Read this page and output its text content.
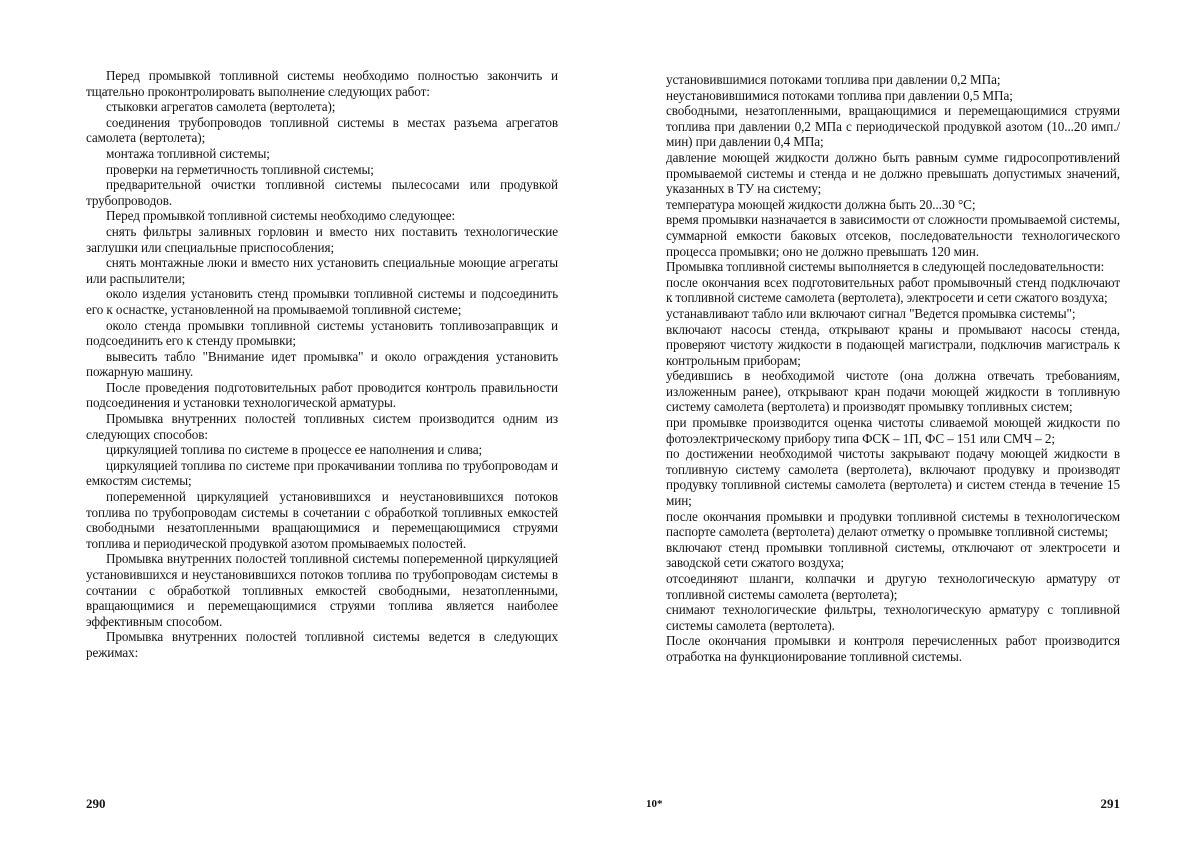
Перед промывкой топливной системы необходимо полностью закончить и тщательно проконтролировать выполнение следующих работ:

стыковки агрегатов самолета (вертолета);

соединения трубопроводов топливной системы в местах разъема агрегатов самолета (вертолета);

монтажа топливной системы;

проверки на герметичность топливной системы;

предварительной очистки топливной системы пылесосами или продувкой трубопроводов.

Перед промывкой топливной системы необходимо следующее:

снять фильтры заливных горловин и вместо них поставить технологические заглушки или специальные приспособления;

снять монтажные люки и вместо них установить специальные моющие агрегаты или распылители;

около изделия установить стенд промывки топливной системы и подсоединить его к оснастке, установленной на промываемой топливной системе;

около стенда промывки топливной системы установить топливозаправщик и подсоединить его к стенду промывки;

вывесить табло "Внимание идет промывка" и около ограждения установить пожарную машину.

После проведения подготовительных работ проводится контроль правильности подсоединения и установки технологической арматуры.

Промывка внутренних полостей топливных систем производится одним из следующих способов:

циркуляцией топлива по системе в процессе ее наполнения и слива;

циркуляцией топлива по системе при прокачивании топлива по трубопроводам и емкостям системы;

попеременной циркуляцией установившихся и неустановившихся потоков топлива по трубопроводам системы в сочетании с обработкой топливных емкостей свободными незатопленными вращающимися и перемещающимися струями топлива и периодической продувкой азотом промываемых полостей.

Промывка внутренних полостей топливной системы попеременной циркуляцией установившихся и неустановившихся потоков топлива по трубопроводам системы в сочтании с обработкой топливных емкостей свободными, незатопленными, вращающимися и перемещающимися струями топлива является наиболее эффективным способом.

Промывка внутренних полостей топливной системы ведется в следующих режимах:

290

установившимися потоками топлива при давлении 0,2 МПа;

неустановившимися потоками топлива при давлении 0,5 МПа;

свободными, незатопленными, вращающимися и перемещающимися струями топлива при давлении 0,2 МПа с периодической продувкой азотом (10...20 имп./мин) при давлении 0,4 МПа;

давление моющей жидкости должно быть равным сумме гидросопротивлений промываемой системы и стенда и не должно превышать допустимых значений, указанных в ТУ на систему;

температура моющей жидкости должна быть 20...30 °С;

время промывки назначается в зависимости от сложности промываемой системы, суммарной емкости баковых отсеков, последовательности технологического процесса промывки; оно не должно превышать 120 мин.

Промывка топливной системы выполняется в следующей последовательности:

после окончания всех подготовительных работ промывочный стенд подключают к топливной системе самолета (вертолета), электросети и сети сжатого воздуха;

устанавливают табло или включают сигнал "Ведется промывка системы";

включают насосы стенда, открывают краны и промывают насосы стенда, проверяют чистоту жидкости в подающей магистрали, подключив магистраль к контрольным приборам;

убедившись в необходимой чистоте (она должна отвечать требованиям, изложенным ранее), открывают кран подачи моющей жидкости в топливную систему самолета (вертолета) и производят промывку топливных систем;

при промывке производится оценка чистоты сливаемой моющей жидкости по фотоэлектрическому прибору типа ФСК – 1П, ФС – 151 или СМЧ – 2;

по достижении необходимой чистоты закрывают подачу моющей жидкости в топливную систему самолета (вертолета), включают продувку и производят продувку топливной системы самолета (вертолета) и систем стенда в течение 15 мин;

после окончания промывки и продувки топливной системы в технологическом паспорте самолета (вертолета) делают отметку о промывке топливной системы;

включают стенд промывки топливной системы, отключают от электросети и заводской сети сжатого воздуха;

отсоединяют шланги, колпачки и другую технологическую арматуру от топливной системы самолета (вертолета);

снимают технологические фильтры, технологическую арматуру с топливной системы самолета (вертолета).

После окончания промывки и контроля перечисленных работ производится отработка на функционирование топливной системы.

10*	291
